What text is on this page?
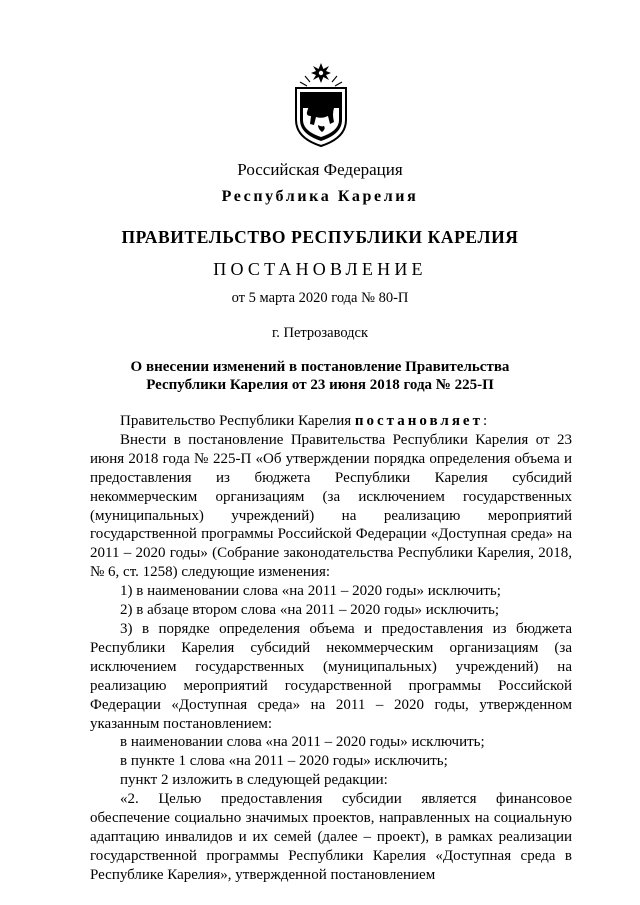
Российская Федерация
Республика Карелия
ПРАВИТЕЛЬСТВО РЕСПУБЛИКИ КАРЕЛИЯ
ПОСТАНОВЛЕНИЕ
от 5 марта 2020 года № 80-П
г. Петрозаводск
О внесении изменений в постановление Правительства
Республики Карелия от 23 июня 2018 года № 225-П

Правительство Республики Карелия постановляет:

Внести в постановление Правительства Республики Карелия от 23 июня 2018 года № 225-П «Об утверждении порядка определения объема и предоставления из бюджета Республики Карелия субсидий некоммерческим организациям (за исключением государственных (муниципальных) учреждений) на реализацию мероприятий государственной программы Российской Федерации «Доступная среда» на 2011 – 2020 годы» (Собрание законодательства Республики Карелия, 2018, № 6, ст. 1258) следующие изменения:

1) в наименовании слова «на 2011 – 2020 годы» исключить;

2) в абзаце втором слова «на 2011 – 2020 годы» исключить;

3) в порядке определения объема и предоставления из бюджета Республики Карелия субсидий некоммерческим организациям (за исключением государственных (муниципальных) учреждений) на реализацию мероприятий государственной программы Российской Федерации «Доступная среда» на 2011 – 2020 годы, утвержденном указанным постановлением:

в наименовании слова «на 2011 – 2020 годы» исключить;

в пункте 1 слова «на 2011 – 2020 годы» исключить;

пункт 2 изложить в следующей редакции:

«2. Целью предоставления субсидии является финансовое обеспечение социально значимых проектов, направленных на социальную адаптацию инвалидов и их семей (далее – проект), в рамках реализации государственной программы Республики Карелия «Доступная среда в Республике Карелия», утвержденной постановлением
